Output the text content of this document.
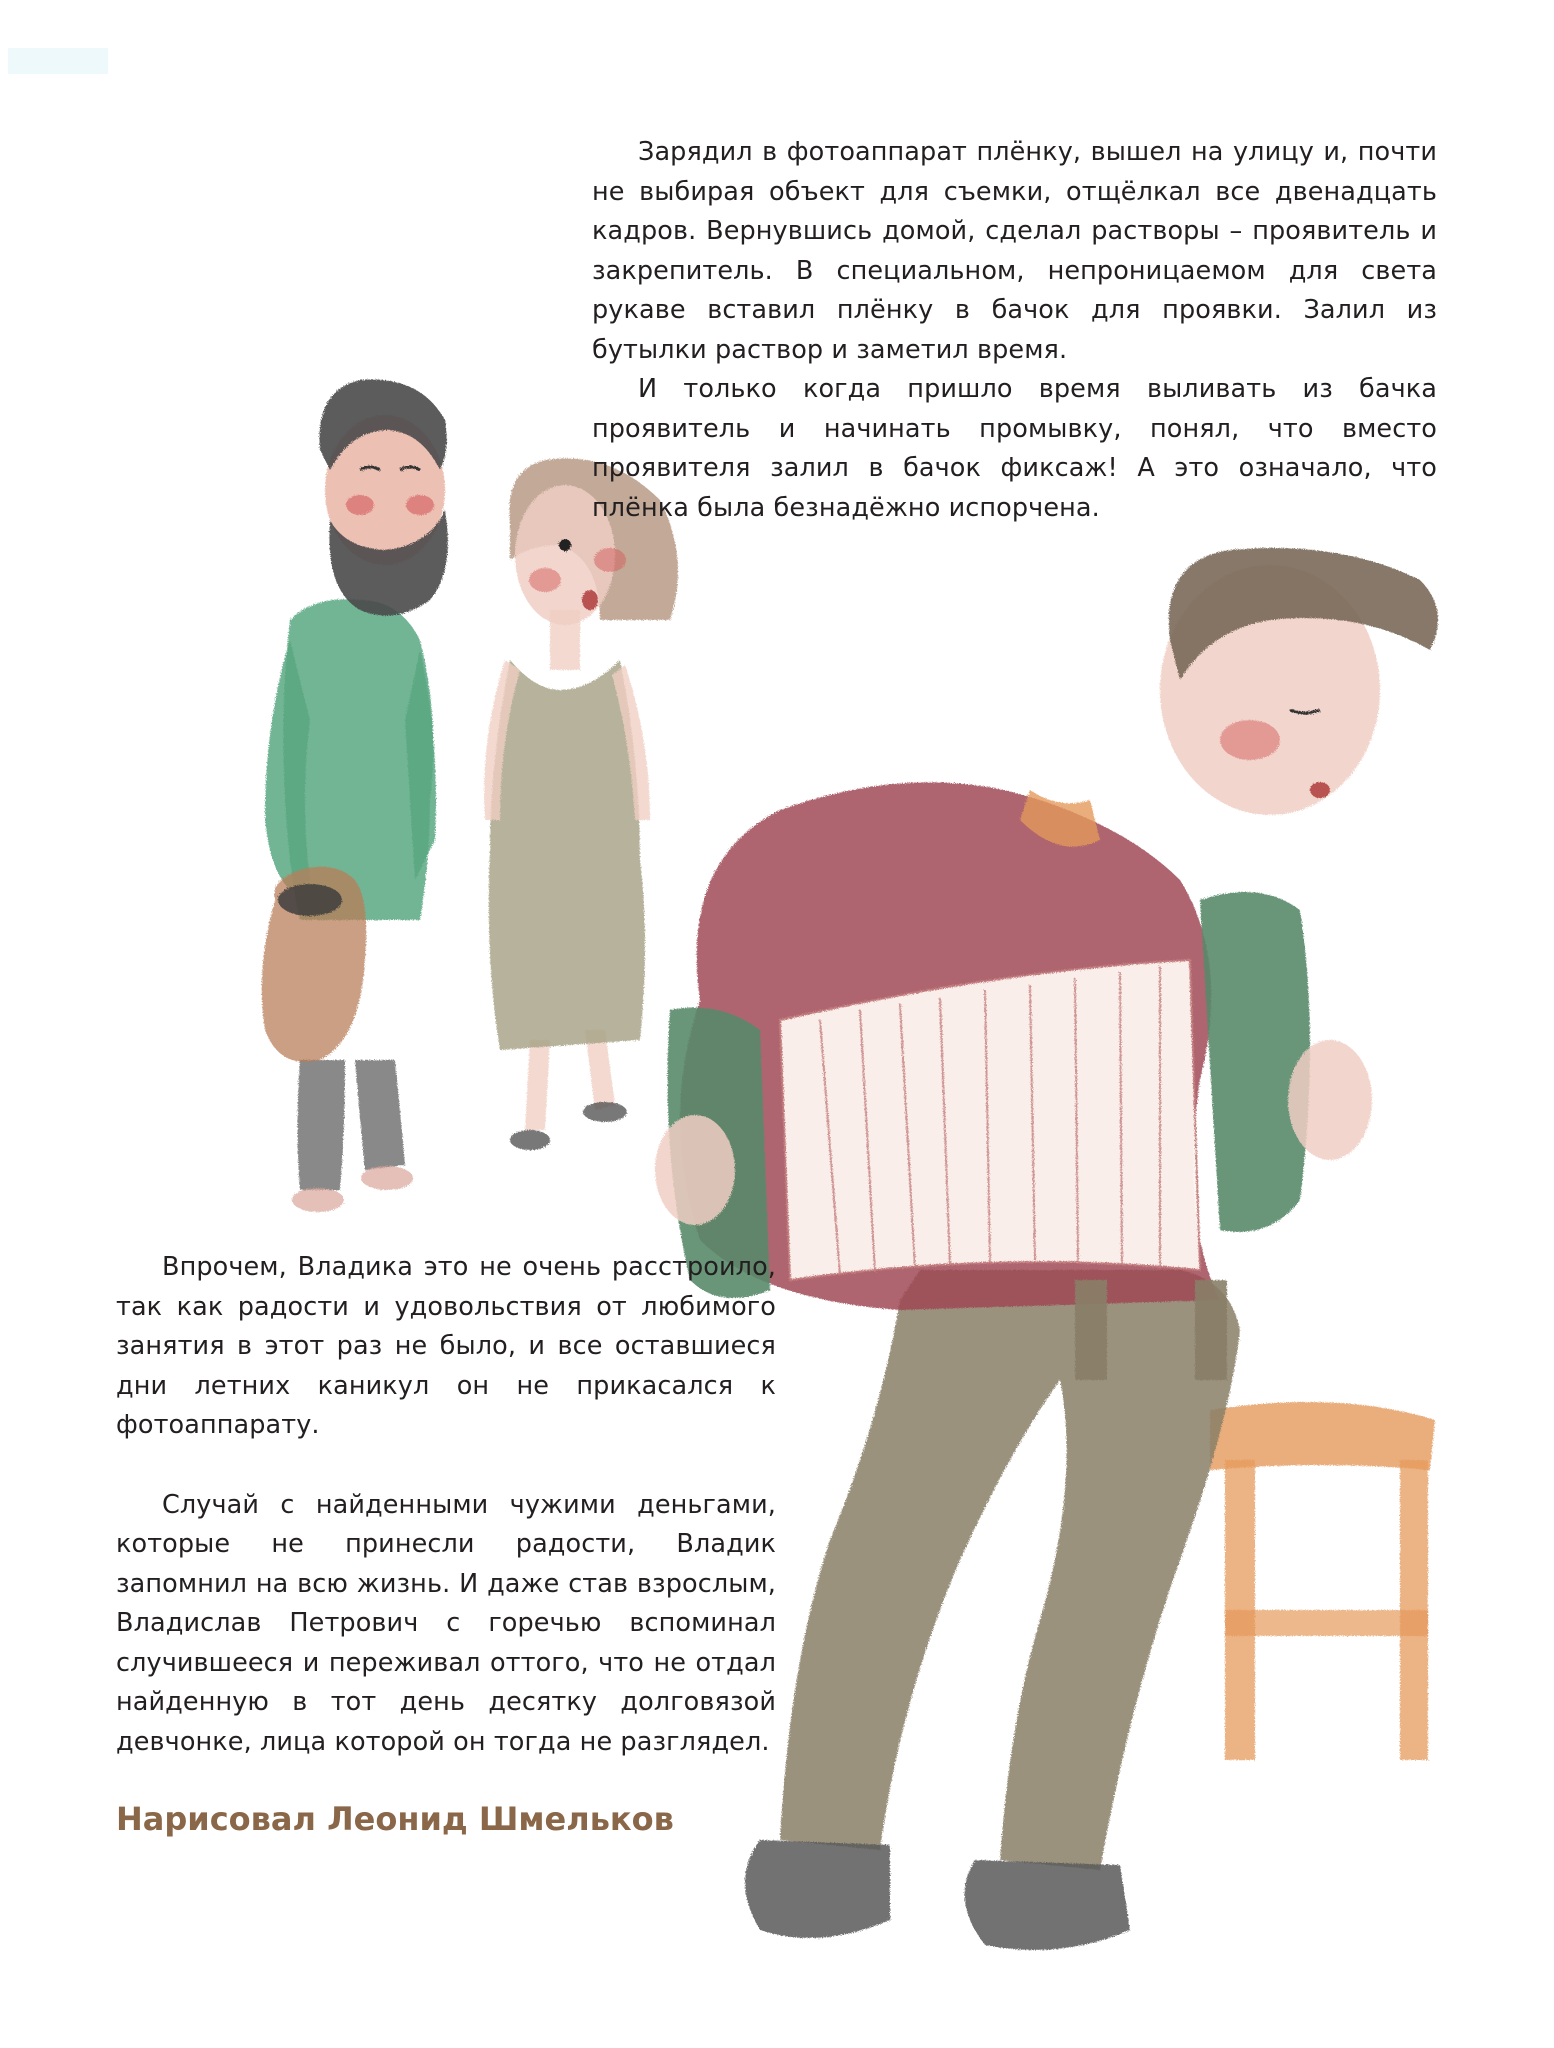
Зарядил в фотоаппарат плёнку, вышел на улицу и, почти не выбирая объект для съемки, отщёлкал все двенадцать кадров. Вернувшись домой, сделал растворы – проявитель и закрепитель. В специальном, непроницаемом для света рукаве вставил плёнку в бачок для проявки. Залил из бутылки раствор и заметил время.

И только когда пришло время выливать из бачка проявитель и начинать промывку, понял, что вместо проявителя залил в бачок фиксаж! А это означало, что плёнка была безнадёжно испорчена.

Впрочем, Владика это не очень расстроило, так как радости и удовольствия от любимого занятия в этот раз не было, и все оставшиеся дни летних каникул он не прикасался к фотоаппарату.

Случай с найденными чужими деньгами, которые не принесли радости, Владик запомнил на всю жизнь. И даже став взрослым, Владислав Петрович с горечью вспоминал случившееся и переживал оттого, что не отдал найденную в тот день десятку долговязой девчонке, лица которой он тогда не разглядел.

Нарисовал Леонид Шмельков
